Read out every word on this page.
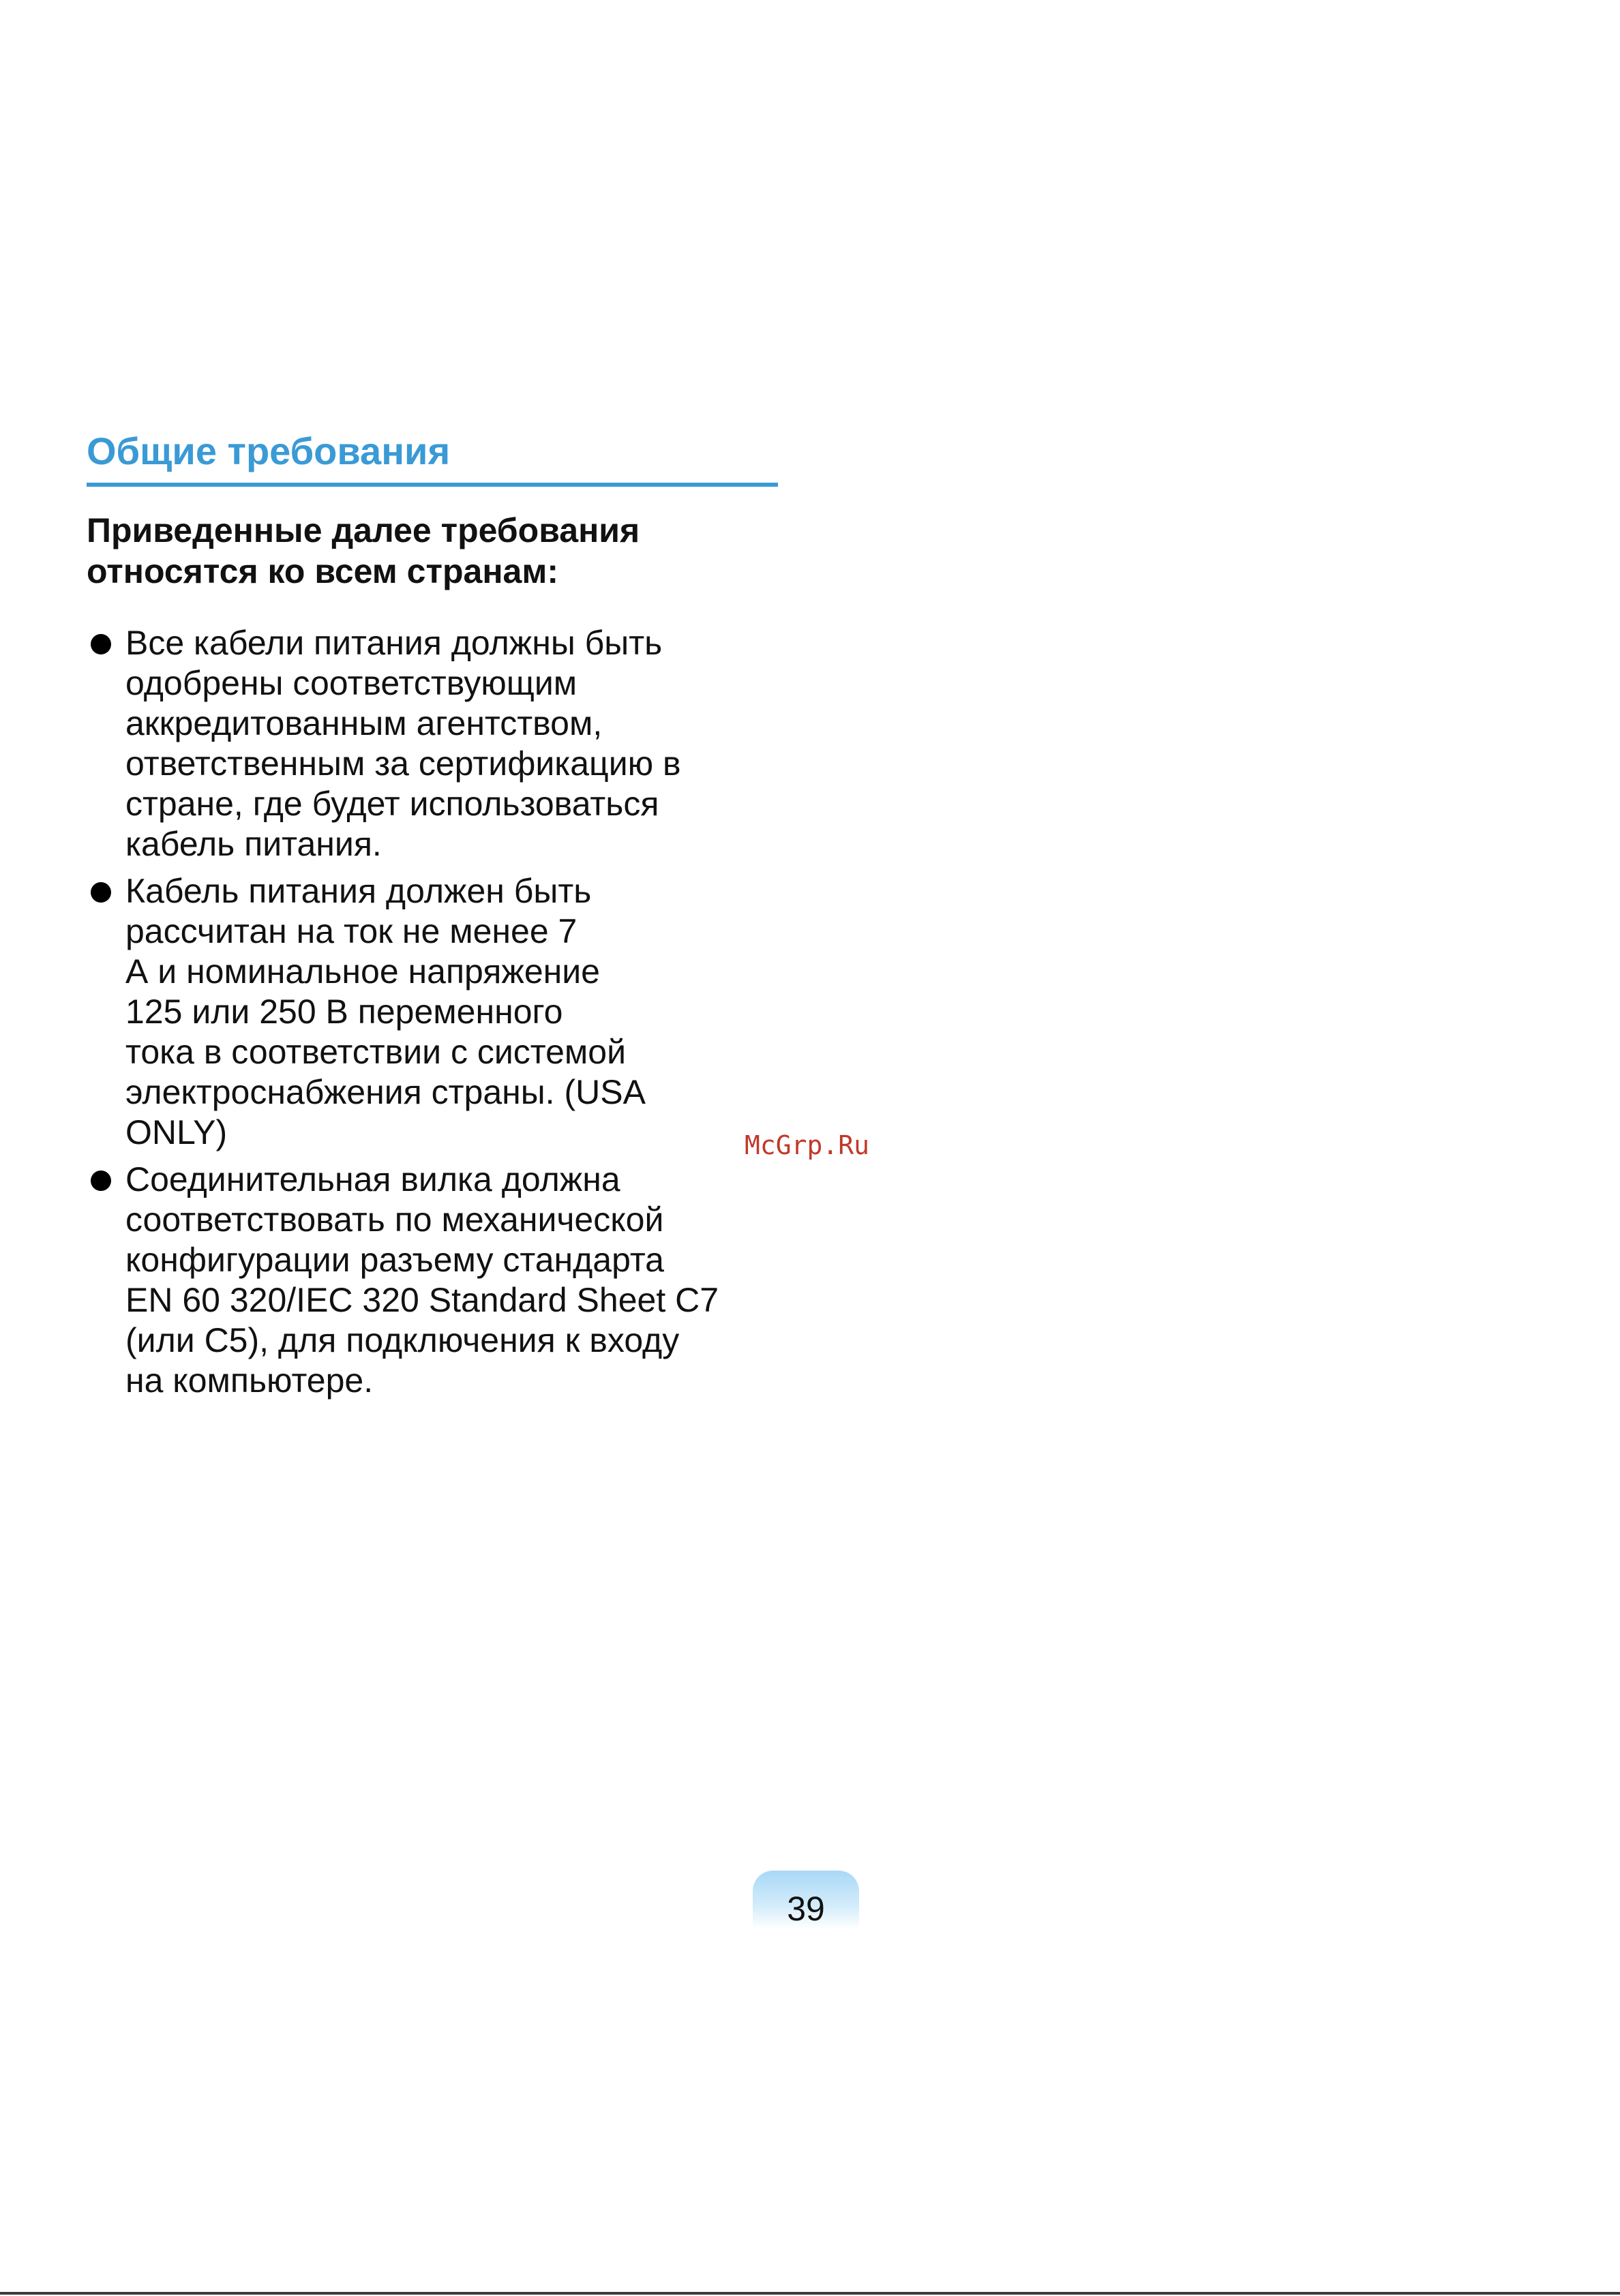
Общие требования

Приведенные далее требования
относятся ко всем странам:

Все кабели питания должны быть
одобрены соответствующим
аккредитованным агентством,
ответственным за сертификацию в
стране, где будет использоваться
кабель питания.
Кабель питания должен быть
рассчитан на ток не менее 7
А и номинальное напряжение
125 или 250 В переменного
тока в соответствии с системой
электроснабжения страны. (USA
ONLY)
Соединительная вилка должна
соответствовать по механической
конфигурации разъему стандарта
EN 60 320/IEC 320 Standard Sheet C7
(или C5), для подключения к входу
на компьютере.
McGrp.Ru
39
